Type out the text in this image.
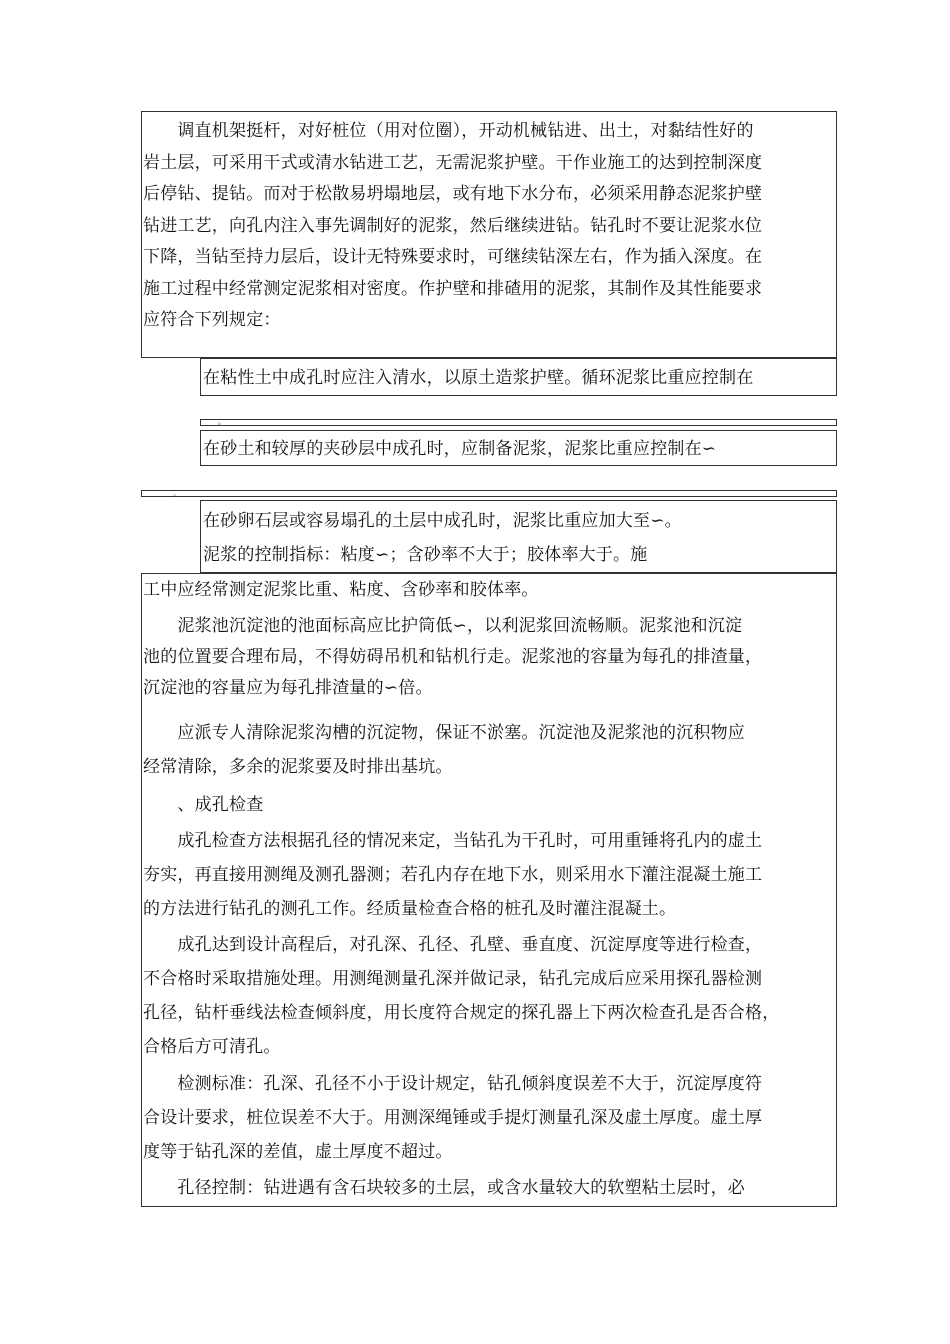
　　调直机架挺杆，对好桩位（用对位圈），开动机械钻进、出土，对黏结性好的
岩土层，可采用干式或清水钻进工艺，无需泥浆护壁。干作业施工的达到控制深度
后停钻、提钻。而对于松散易坍塌地层，或有地下水分布，必须采用静态泥浆护壁
钻进工艺，向孔内注入事先调制好的泥浆，然后继续进钻。钻孔时不要让泥浆水位
下降，当钻至持力层后，设计无特殊要求时，可继续钻深左右，作为插入深度。在
施工过程中经常测定泥浆相对密度。作护壁和排碴用的泥浆，其制作及其性能要求
应符合下列规定：
在粘性土中成孔时应注入清水，以原土造浆护壁。循环泥浆比重应控制在
。
在砂土和较厚的夹砂层中成孔时，应制备泥浆，泥浆比重应控制在∽
。
在砂卵石层或容易塌孔的土层中成孔时，泥浆比重应加大至∽。
泥浆的控制指标：粘度∽；含砂率不大于；胶体率大于。施
工中应经常测定泥浆比重、粘度、含砂率和胶体率。
　　泥浆池沉淀池的池面标高应比护筒低∽，以利泥浆回流畅顺。泥浆池和沉淀
池的位置要合理布局，不得妨碍吊机和钻机行走。泥浆池的容量为每孔的排渣量，
沉淀池的容量应为每孔排渣量的∽倍。
　　应派专人清除泥浆沟槽的沉淀物，保证不淤塞。沉淀池及泥浆池的沉积物应
经常清除，多余的泥浆要及时排出基坑。
　　、成孔检查
　　成孔检查方法根据孔径的情况来定，当钻孔为干孔时，可用重锤将孔内的虚土
夯实，再直接用测绳及测孔器测；若孔内存在地下水，则采用水下灌注混凝土施工
的方法进行钻孔的测孔工作。经质量检查合格的桩孔及时灌注混凝土。
　　成孔达到设计高程后，对孔深、孔径、孔壁、垂直度、沉淀厚度等进行检查，
不合格时采取措施处理。用测绳测量孔深并做记录，钻孔完成后应采用探孔器检测
孔径，钻杆垂线法检查倾斜度，用长度符合规定的探孔器上下两次检查孔是否合格，
合格后方可清孔。
　　检测标准：孔深、孔径不小于设计规定，钻孔倾斜度误差不大于，沉淀厚度符
合设计要求，桩位误差不大于。用测深绳锤或手提灯测量孔深及虚土厚度。虚土厚
度等于钻孔深的差值，虚土厚度不超过。
　　孔径控制：钻进遇有含石块较多的土层，或含水量较大的软塑粘土层时，必
